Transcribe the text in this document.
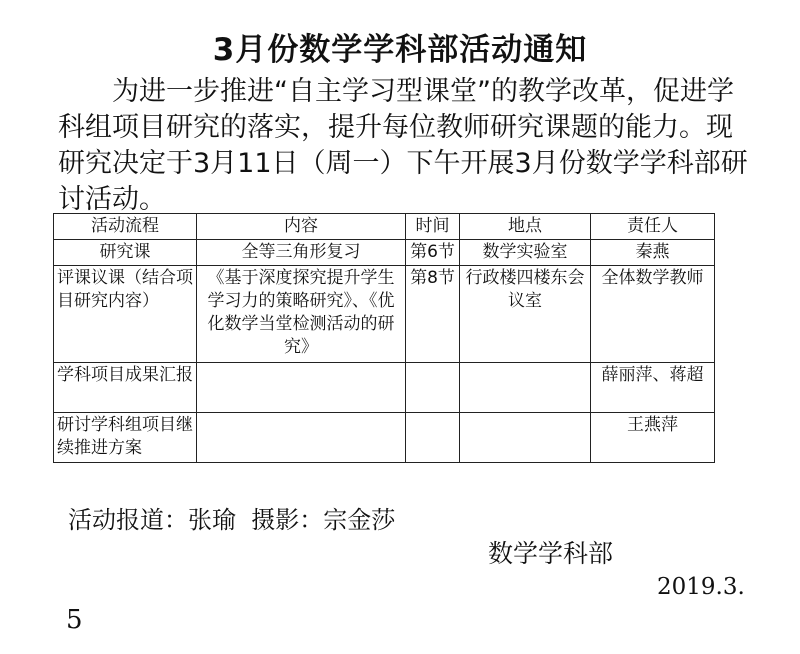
3月份数学学科部活动通知
为进一步推进“自主学习型课堂”的教学改革，促进学科组项目研究的落实，提升每位教师研究课题的能力。现研究决定于3月11日（周一）下午开展3月份数学学科部研讨活动。
活动流程	内容	时间	地点	责任人
研究课	全等三角形复习	第6节	数学实验室	秦燕
评课议课（结合项目研究内容）	《基于深度探究提升学生学习力的策略研究》、《优化数学当堂检测活动的研究》	第8节	行政楼四楼东会议室	全体数学教师
学科项目成果汇报				薛丽萍、蒋超
研讨学科组项目继续推进方案				王燕萍
活动报道：张瑜  摄影：宗金莎
数学学科部
2019.3.
5
